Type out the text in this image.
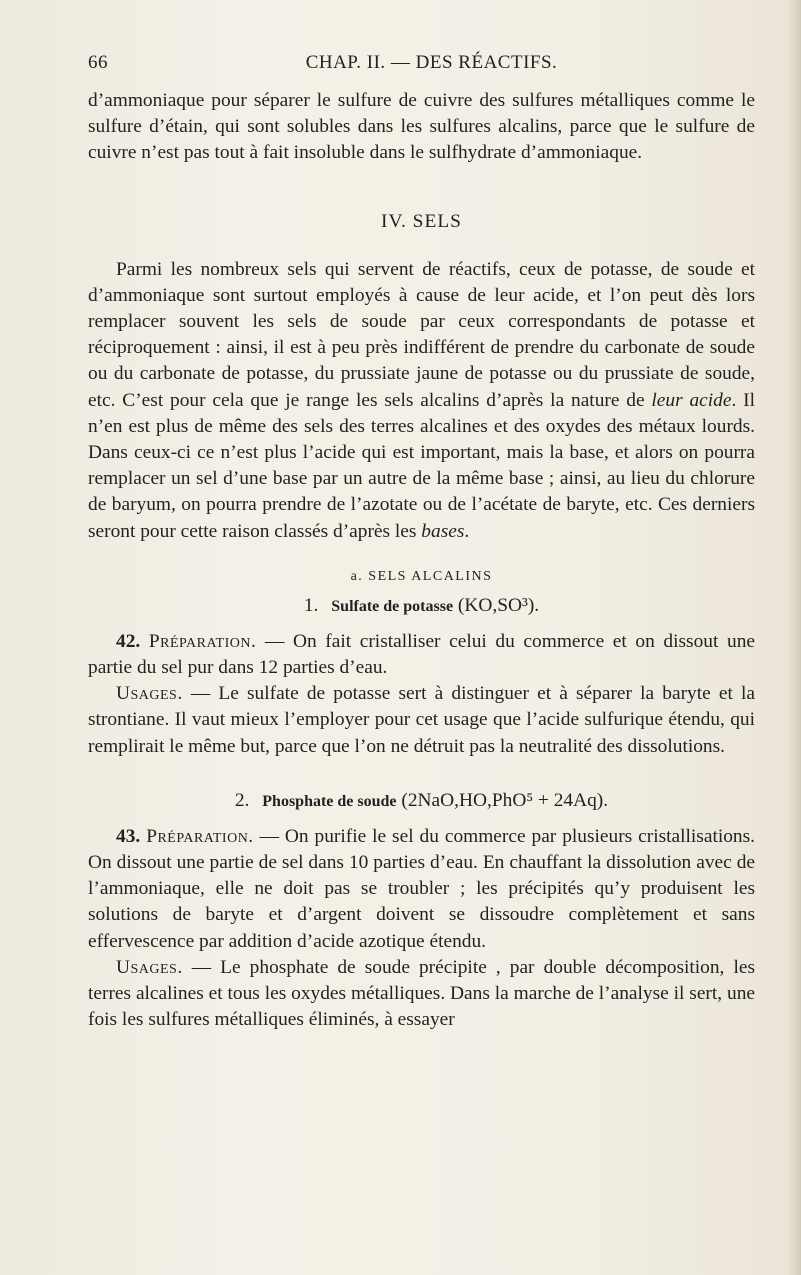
66	CHAP. II. — DES RÉACTIFS.

d’ammoniaque pour séparer le sulfure de cuivre des sulfures métalliques comme le sulfure d’étain, qui sont solubles dans les sulfures alcalins, parce que le sulfure de cuivre n’est pas tout à fait insoluble dans le sulfhydrate d’ammoniaque.

IV. SELS

Parmi les nombreux sels qui servent de réactifs, ceux de potasse, de soude et d’ammoniaque sont surtout employés à cause de leur acide, et l’on peut dès lors remplacer souvent les sels de soude par ceux correspondants de potasse et réciproquement : ainsi, il est à peu près indifférent de prendre du carbonate de soude ou du carbonate de potasse, du prussiate jaune de potasse ou du prussiate de soude, etc. C’est pour cela que je range les sels alcalins d’après la nature de leur acide. Il n’en est plus de même des sels des terres alcalines et des oxydes des métaux lourds. Dans ceux-ci ce n’est plus l’acide qui est important, mais la base, et alors on pourra remplacer un sel d’une base par un autre de la même base ; ainsi, au lieu du chlorure de baryum, on pourra prendre de l’azotate ou de l’acétate de baryte, etc. Ces derniers seront pour cette raison classés d’après les bases.

a. SELS ALCALINS
1. Sulfate de potasse (KO,SO³).

42. Préparation. — On fait cristalliser celui du commerce et on dissout une partie du sel pur dans 12 parties d’eau.

Usages. — Le sulfate de potasse sert à distinguer et à séparer la baryte et la strontiane. Il vaut mieux l’employer pour cet usage que l’acide sulfurique étendu, qui remplirait le même but, parce que l’on ne détruit pas la neutralité des dissolutions.

2. Phosphate de soude (2NaO,HO,PhO⁵ + 24Aq).

43. Préparation. — On purifie le sel du commerce par plusieurs cristallisations. On dissout une partie de sel dans 10 parties d’eau. En chauffant la dissolution avec de l’ammoniaque, elle ne doit pas se troubler ; les précipités qu’y produisent les solutions de baryte et d’argent doivent se dissoudre complètement et sans effervescence par addition d’acide azotique étendu.

Usages. — Le phosphate de soude précipite , par double décomposition, les terres alcalines et tous les oxydes métalliques. Dans la marche de l’analyse il sert, une fois les sulfures métalliques éliminés, à essayer
